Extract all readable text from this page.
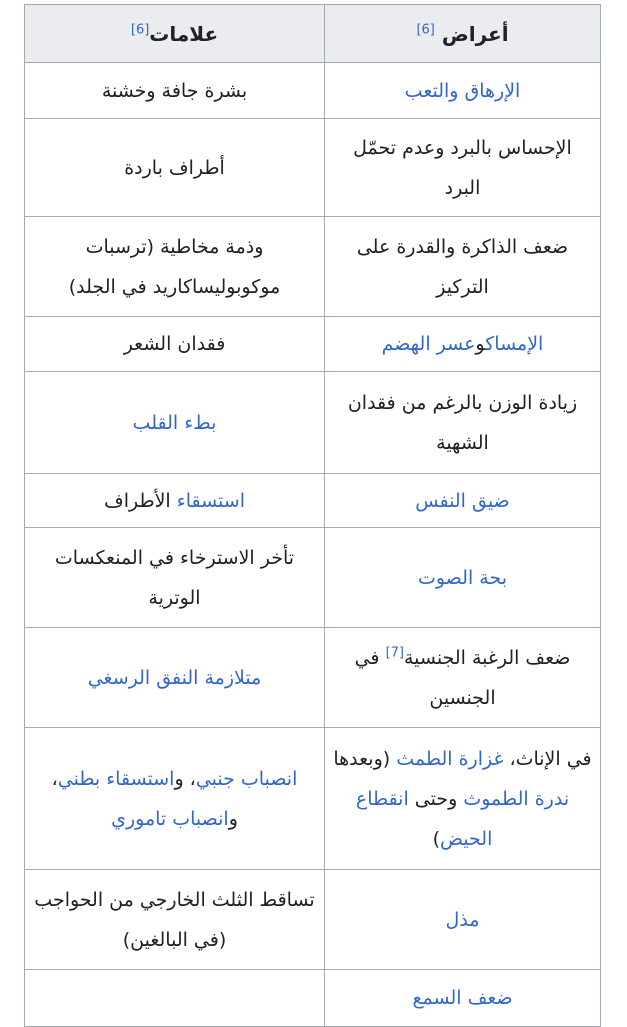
أعراض [6]	علامات[6]
الإرهاق والتعب	بشرة جافة وخشنة
الإحساس بالبرد وعدم تحمّل البرد	أطراف باردة
ضعف الذاكرة والقدرة على التركيز	وذمة مخاطية (ترسبات موكوبوليساكاريد في الجلد)
الإمساكوعسر الهضم	فقدان الشعر
زيادة الوزن بالرغم من فقدان الشهية	بطء القلب
ضيق النفس	استسقاء الأطراف
بحة الصوت	تأخر الاسترخاء في المنعكسات الوترية
ضعف الرغبة الجنسية[7] في الجنسين	متلازمة النفق الرسغي
في الإناث، غزارة الطمث (وبعدها ندرة الطموث وحتى انقطاع الحيض)	انصباب جنبي، واستسقاء بطني، وانصباب تاموري
مذل	تساقط الثلث الخارجي من الحواجب (في البالغين)
ضعف السمع	
